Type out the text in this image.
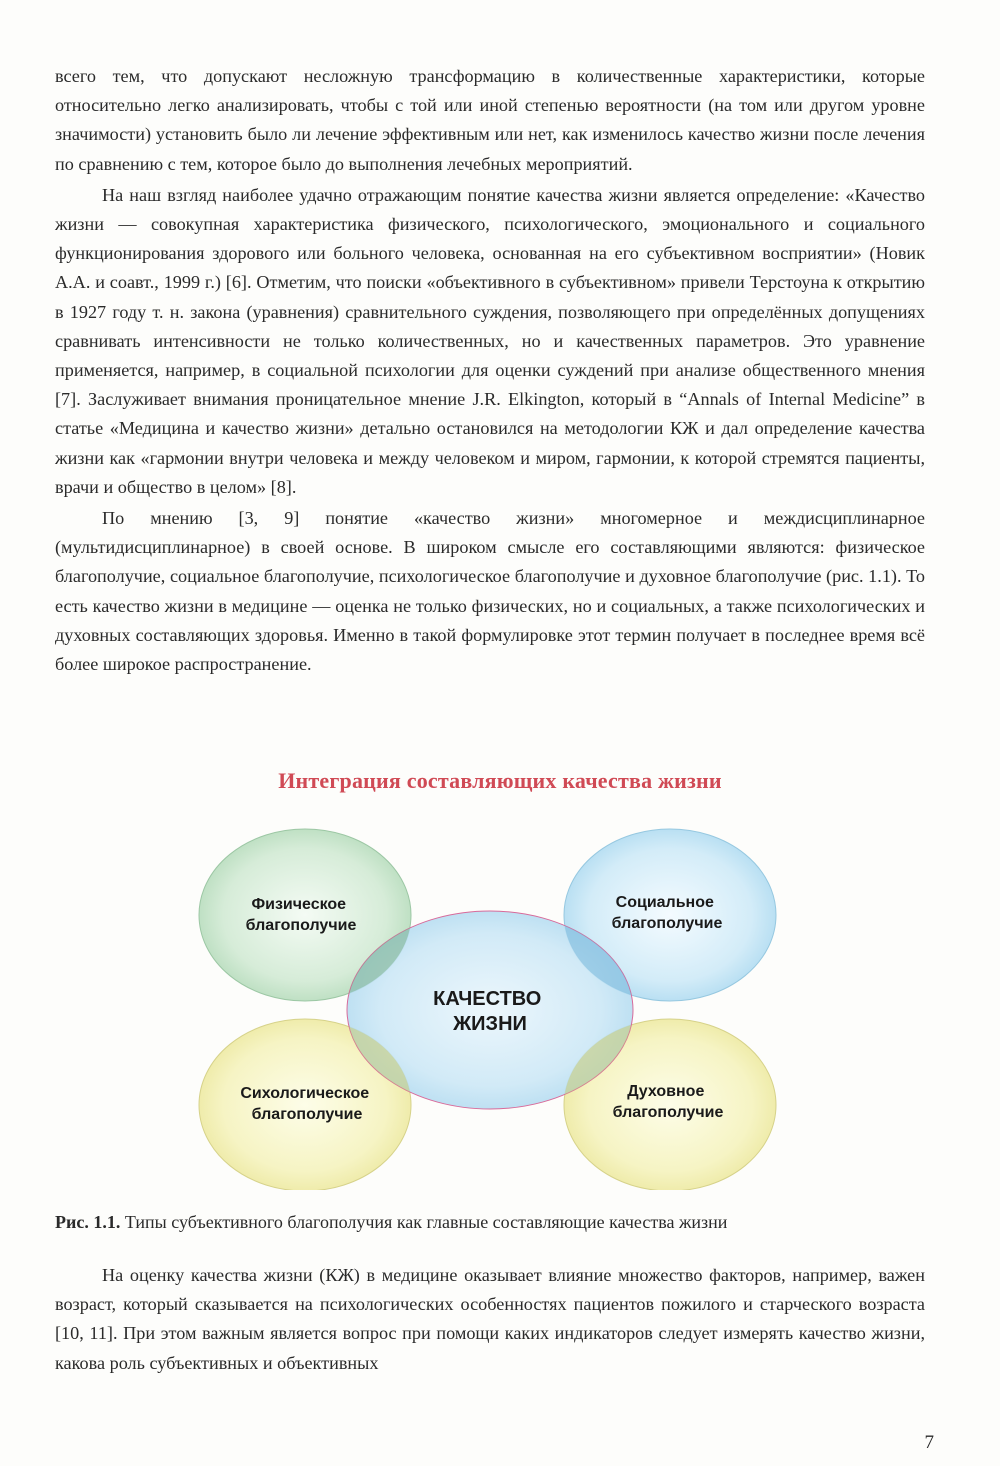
всего тем, что допускают несложную трансформацию в количественные характеристики, которые относительно легко анализировать, чтобы с той или иной степенью вероятности (на том или другом уровне значимости) установить было ли лечение эффективным или нет, как изменилось качество жизни после лечения по сравнению с тем, которое было до выполнения лечебных мероприятий.

На наш взгляд наиболее удачно отражающим понятие качества жизни является определение: «Качество жизни — совокупная характеристика физического, психологического, эмоционального и социального функционирования здорового или больного человека, основанная на его субъективном восприятии» (Новик А.А. и соавт., 1999 г.) [6]. Отметим, что поиски «объективного в субъективном» привели Терстоуна к открытию в 1927 году т. н. закона (уравнения) сравнительного суждения, позволяющего при определённых допущениях сравнивать интенсивности не только количественных, но и качественных параметров. Это уравнение применяется, например, в социальной психологии для оценки суждений при анализе общественного мнения [7]. Заслуживает внимания проницательное мнение J.R. Elkington, который в “Annals of Internal Medicine” в статье «Медицина и качество жизни» детально остановился на методологии КЖ и дал определение качества жизни как «гармонии внутри человека и между человеком и миром, гармонии, к которой стремятся пациенты, врачи и общество в целом» [8].

По мнению [3, 9] понятие «качество жизни» многомерное и междисциплинарное (мультидисциплинарное) в своей основе. В широком смысле его составляющими являются: физическое благополучие, социальное благополучие, психологическое благополучие и духовное благополучие (рис. 1.1). То есть качество жизни в медицине — оценка не только физических, но и социальных, а также психологических и духовных составляющих здоровья. Именно в такой формулировке этот термин получает в последнее время всё более широкое распространение.

Интеграция составляющих качества жизни
Физическое благополучие
Социальное благополучие
КАЧЕСТВО ЖИЗНИ
Сихологическое благополучие
Духовное благополучие
Рис. 1.1. Типы субъективного благополучия как главные составляющие качества жизни

На оценку качества жизни (КЖ) в медицине оказывает влияние множество факторов, например, важен возраст, который сказывается на психологических особенностях пациентов пожилого и старческого возраста [10, 11]. При этом важным является вопрос при помощи каких индикаторов следует измерять качество жизни, какова роль субъективных и объективных

7
